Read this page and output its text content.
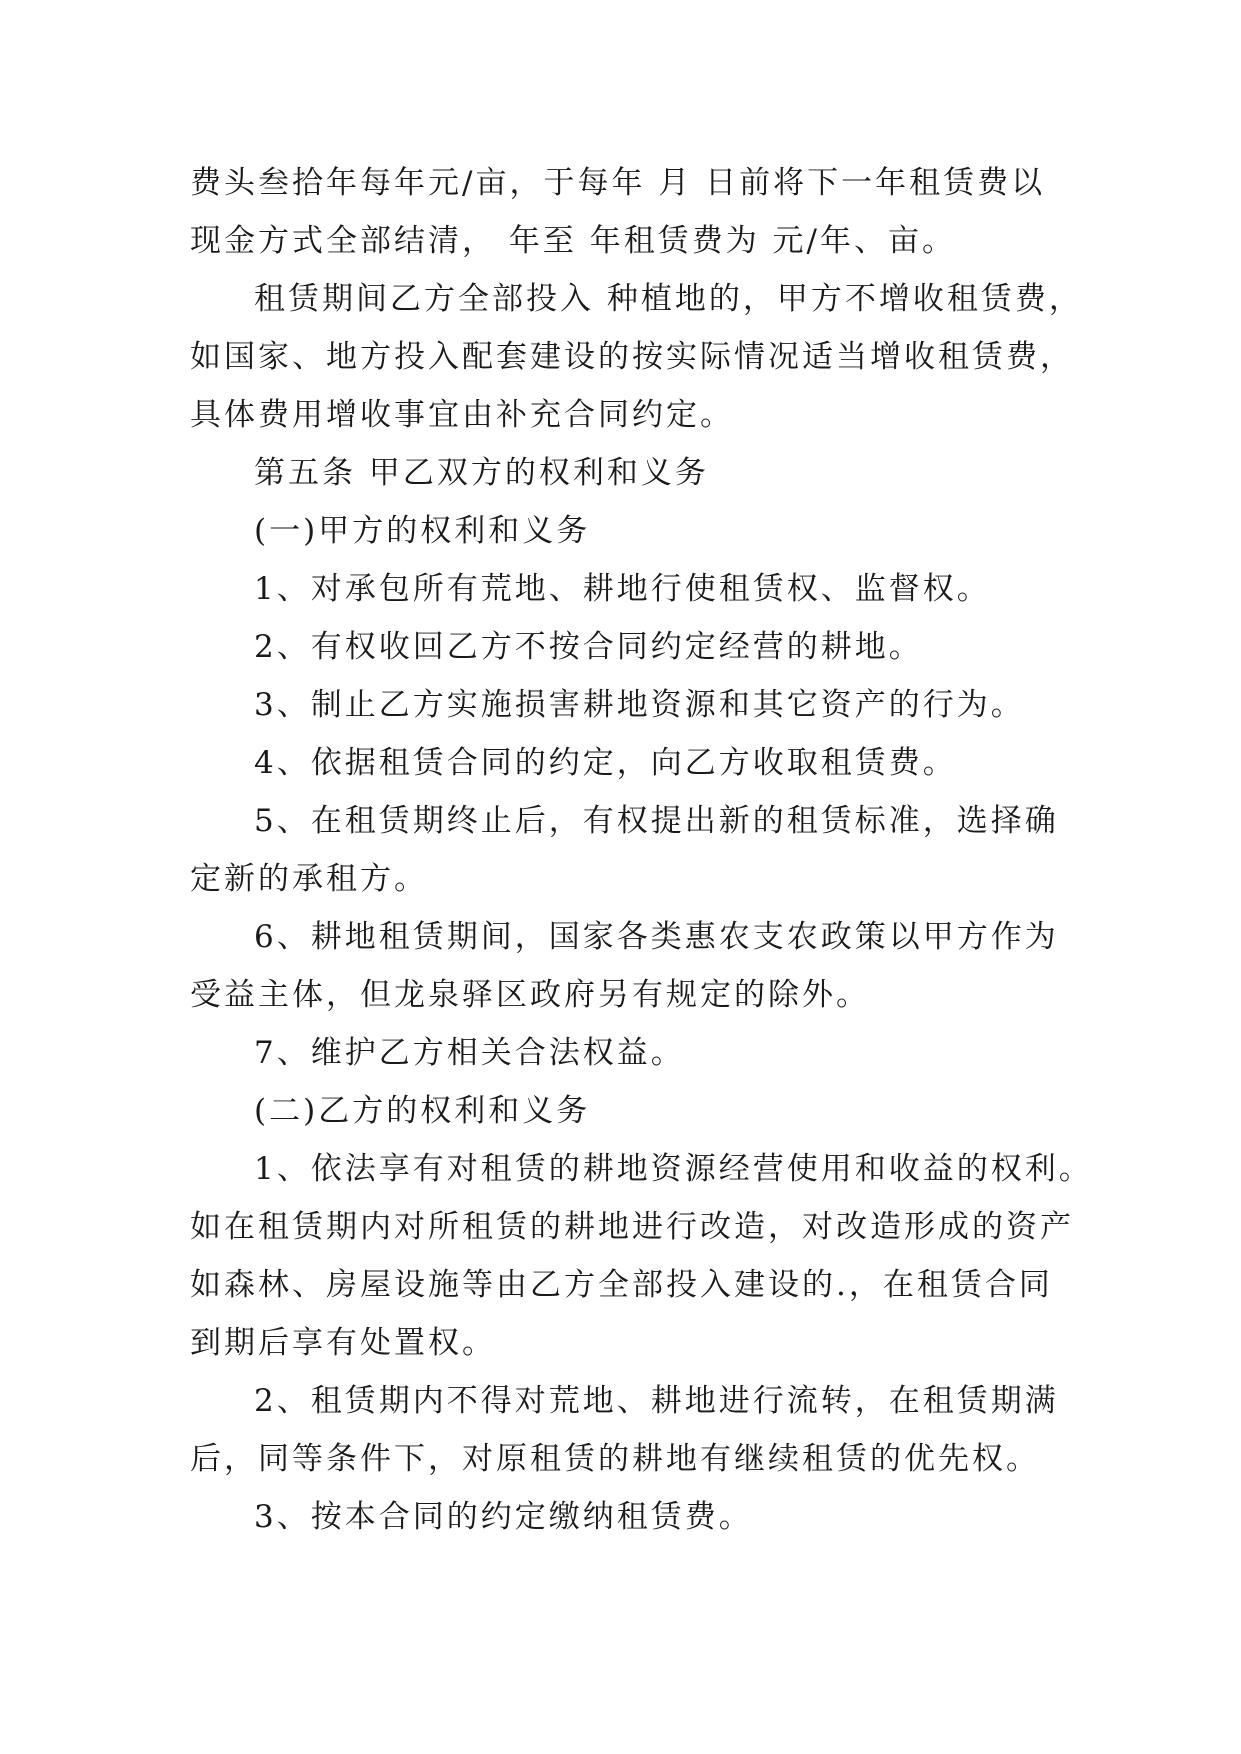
费头叁拾年每年元/亩，于每年 月 日前将下一年租赁费以
现金方式全部结清， 年至 年租赁费为 元/年、亩。
租赁期间乙方全部投入 种植地的，甲方不增收租赁费，
如国家、地方投入配套建设的按实际情况适当增收租赁费，
具体费用增收事宜由补充合同约定。
第五条 甲乙双方的权利和义务
(一)甲方的权利和义务
1、对承包所有荒地、耕地行使租赁权、监督权。
2、有权收回乙方不按合同约定经营的耕地。
3、制止乙方实施损害耕地资源和其它资产的行为。
4、依据租赁合同的约定，向乙方收取租赁费。
5、在租赁期终止后，有权提出新的租赁标准，选择确
定新的承租方。
6、耕地租赁期间，国家各类惠农支农政策以甲方作为
受益主体，但龙泉驿区政府另有规定的除外。
7、维护乙方相关合法权益。
(二)乙方的权利和义务
1、依法享有对租赁的耕地资源经营使用和收益的权利。
如在租赁期内对所租赁的耕地进行改造，对改造形成的资产
如森林、房屋设施等由乙方全部投入建设的.，在租赁合同
到期后享有处置权。
2、租赁期内不得对荒地、耕地进行流转，在租赁期满
后，同等条件下，对原租赁的耕地有继续租赁的优先权。
3、按本合同的约定缴纳租赁费。
